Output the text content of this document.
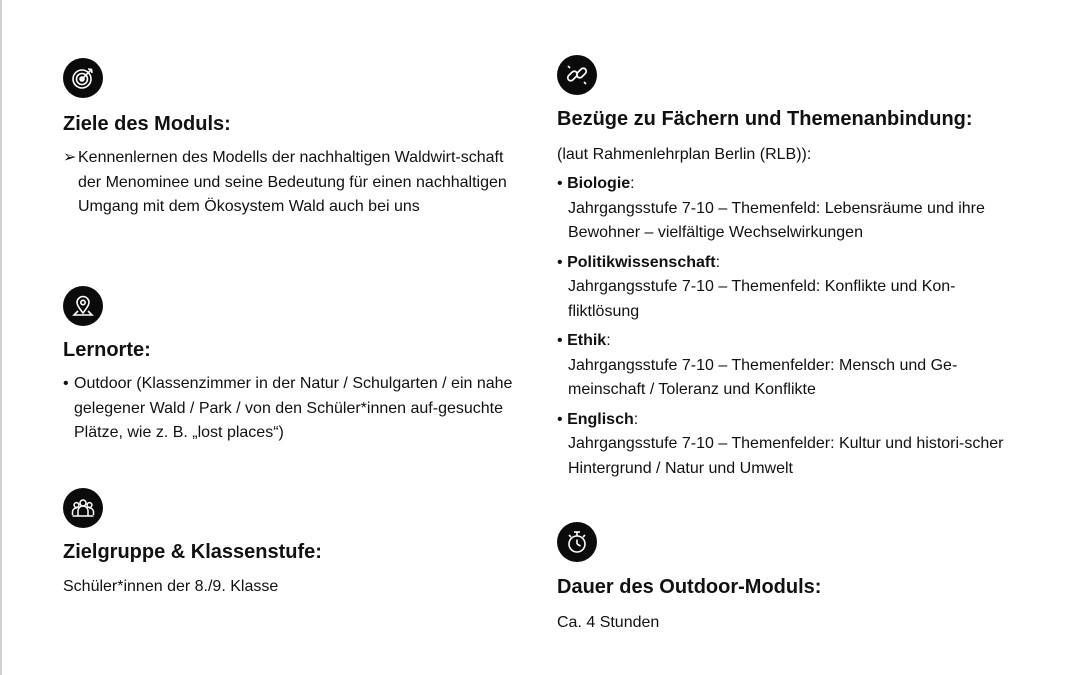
Ziele des Moduls:
➢ Kennenlernen des Modells der nachhaltigen Waldwirt-schaft der Menominee und seine Bedeutung für einen nachhaltigen Umgang mit dem Ökosystem Wald auch bei uns
Lernorte:
• Outdoor (Klassenzimmer in der Natur / Schulgarten / ein nahe gelegener Wald / Park / von den Schüler*innen auf-gesuchte Plätze, wie z. B. „lost places“)
Zielgruppe & Klassenstufe:
Schüler*innen der 8./9. Klasse
Bezüge zu Fächern und Themenanbindung:
(laut Rahmenlehrplan Berlin (RLB)):
• Biologie:
Jahrgangsstufe 7-10 – Themenfeld: Lebensräume und ihre Bewohner – vielfältige Wechselwirkungen
• Politikwissenschaft:
Jahrgangsstufe 7-10 – Themenfeld: Konflikte und Kon-fliktlösung
• Ethik:
Jahrgangsstufe 7-10 – Themenfelder: Mensch und Ge-meinschaft / Toleranz und Konflikte
• Englisch:
Jahrgangsstufe 7-10 – Themenfelder: Kultur und histori-scher Hintergrund / Natur und Umwelt
Dauer des Outdoor-Moduls:
Ca. 4 Stunden
